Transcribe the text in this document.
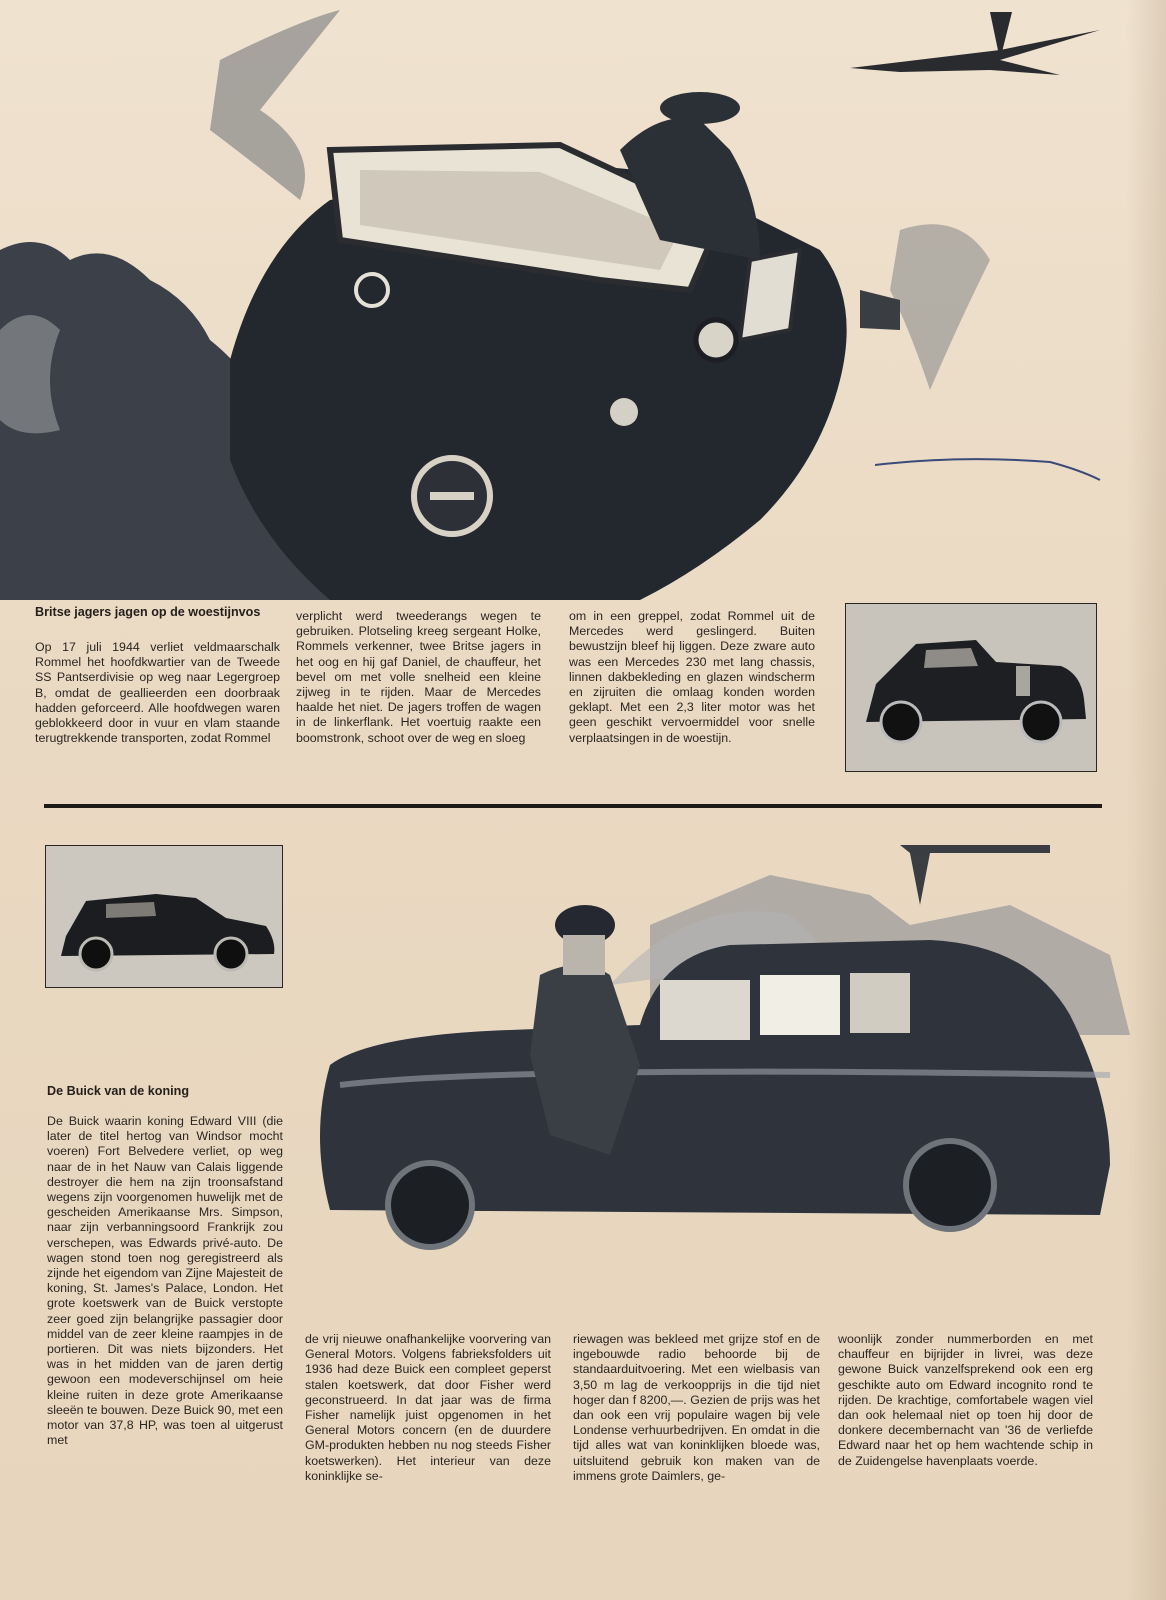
Britse jagers jagen op de woestijnvos
Op 17 juli 1944 verliet veldmaarschalk Rommel het hoofdkwartier van de Tweede SS Pantserdivisie op weg naar Legergroep B, omdat de geallieerden een doorbraak hadden geforceerd. Alle hoofdwegen waren geblokkeerd door in vuur en vlam staande terugtrekkende transporten, zodat Rommel
verplicht werd tweederangs wegen te gebruiken. Plotseling kreeg sergeant Holke, Rommels verkenner, twee Britse jagers in het oog en hij gaf Daniel, de chauffeur, het bevel om met volle snelheid een kleine zijweg in te rijden. Maar de Mercedes haalde het niet. De jagers troffen de wagen in de linkerflank. Het voertuig raakte een boomstronk, schoot over de weg en sloeg
om in een greppel, zodat Rommel uit de Mercedes werd geslingerd. Buiten bewustzijn bleef hij liggen. Deze zware auto was een Mercedes 230 met lang chassis, linnen dakbekleding en glazen windscherm en zijruiten die omlaag konden worden geklapt. Met een 2,3 liter motor was het geen geschikt vervoermiddel voor snelle verplaatsingen in de woestijn.
De Buick van de koning
De Buick waarin koning Edward VIII (die later de titel hertog van Windsor mocht voeren) Fort Belvedere verliet, op weg naar de in het Nauw van Calais liggende destroyer die hem na zijn troonsafstand wegens zijn voorgenomen huwelijk met de gescheiden Amerikaanse Mrs. Simpson, naar zijn verbanningsoord Frankrijk zou verschepen, was Edwards privé-auto. De wagen stond toen nog geregistreerd als zijnde het eigendom van Zijne Majesteit de koning, St. James's Palace, London. Het grote koetswerk van de Buick verstopte zeer goed zijn belangrijke passagier door middel van de zeer kleine raampjes in de portieren. Dit was niets bijzonders. Het was in het midden van de jaren dertig gewoon een modeverschijnsel om heie kleine ruiten in deze grote Amerikaanse sleeën te bouwen. Deze Buick 90, met een motor van 37,8 HP, was toen al uitgerust met
de vrij nieuwe onafhankelijke voorvering van General Motors. Volgens fabrieksfolders uit 1936 had deze Buick een compleet geperst stalen koetswerk, dat door Fisher werd geconstrueerd. In dat jaar was de firma Fisher namelijk juist opgenomen in het General Motors concern (en de duurdere GM-produkten hebben nu nog steeds Fisher koetswerken). Het interieur van deze koninklijke se-
riewagen was bekleed met grijze stof en de ingebouwde radio behoorde bij de standaarduitvoering. Met een wielbasis van 3,50 m lag de verkoopprijs in die tijd niet hoger dan f 8200,—. Gezien de prijs was het dan ook een vrij populaire wagen bij vele Londense verhuurbedrijven. En omdat in die tijd alles wat van koninklijken bloede was, uitsluitend gebruik kon maken van de immens grote Daimlers, ge-
woonlijk zonder nummerborden en met chauffeur en bijrijder in livrei, was deze gewone Buick vanzelfsprekend ook een erg geschikte auto om Edward incognito rond te rijden. De krachtige, comfortabele wagen viel dan ook helemaal niet op toen hij door de donkere decembernacht van '36 de verliefde Edward naar het op hem wachtende schip in de Zuidengelse havenplaats voerde.
